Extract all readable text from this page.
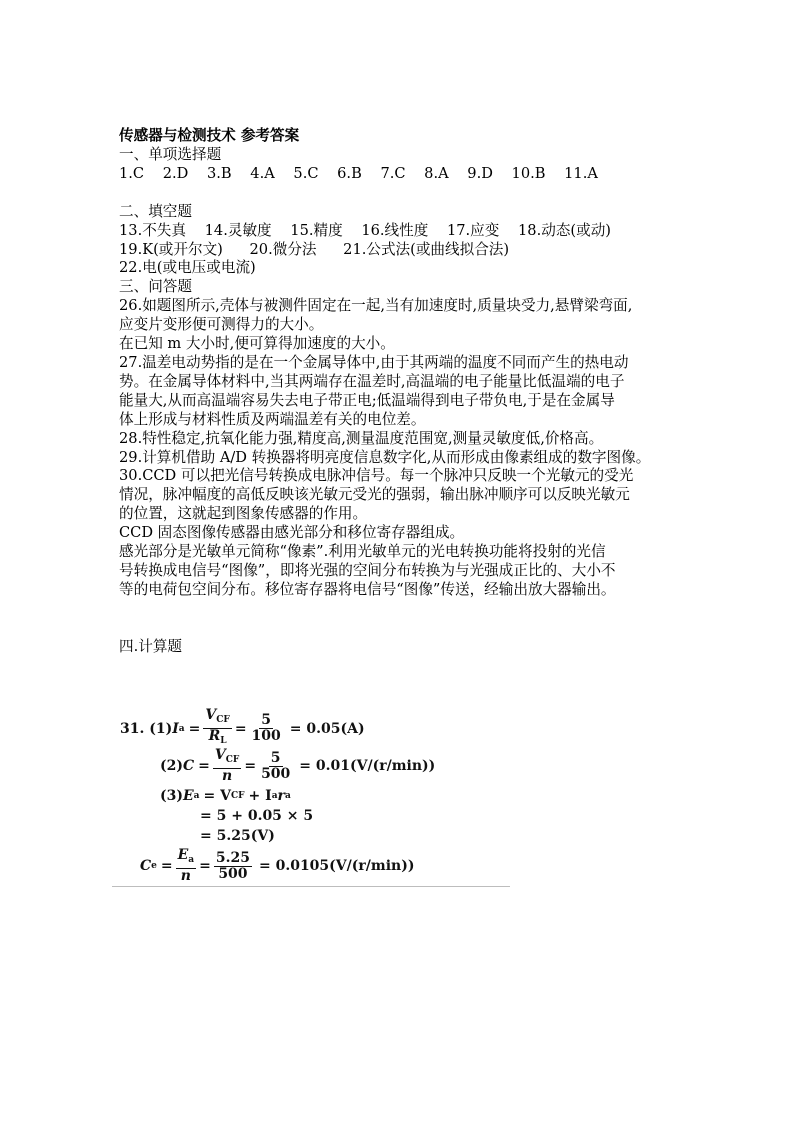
传感器与检测技术 参考答案
一、单项选择题
1.C 2.D 3.B 4.A 5.C 6.B 7.C 8.A 9.D 10.B 11.A
二、填空题
13.不失真 14.灵敏度 15.精度 16.线性度 17.应变 18.动态(或动)
19.K(或开尔文) 20.微分法 21.公式法(或曲线拟合法)
22.电(或电压或电流)
三、问答题
26.如题图所示,壳体与被测件固定在一起,当有加速度时,质量块受力,悬臂梁弯面,
应变片变形便可测得力的大小。
在已知 m 大小时,便可算得加速度的大小。
27.温差电动势指的是在一个金属导体中,由于其两端的温度不同而产生的热电动
势。在金属导体材料中,当其两端存在温差时,高温端的电子能量比低温端的电子
能量大,从而高温端容易失去电子带正电;低温端得到电子带负电,于是在金属导
体上形成与材料性质及两端温差有关的电位差。
28.特性稳定,抗氧化能力强,精度高,测量温度范围宽,测量灵敏度低,价格高。
29.计算机借助 A/D 转换器将明亮度信息数字化,从而形成由像素组成的数字图像。
30.CCD 可以把光信号转换成电脉冲信号。每一个脉冲只反映一个光敏元的受光
情况，脉冲幅度的高低反映该光敏元受光的强弱，输出脉冲顺序可以反映光敏元
的位置，这就起到图象传感器的作用。
CCD 固态图像传感器由感光部分和移位寄存器组成。
感光部分是光敏单元简称“像素”.利用光敏单元的光电转换功能将投射的光信
号转换成电信号“图像”，即将光强的空间分布转换为与光强成正比的、大小不
等的电荷包空间分布。移位寄存器将电信号“图像”传送，经输出放大器输出。
四.计算题
31. (1) I $a = \frac{V_{CF}}{R_L} = \frac{5}{100} = 0.05(A)$
(2) $C = \frac{V_{CF}}{n} = \frac{5}{500} = 0.01(V/(r/\min))$
(3) E a = V CF + I a r a
= 5 + 0.05 × 5
= 5.25(V)
C $e = \frac{E_a}{n} = \frac{5.25}{500} = 0.0105(V/(r/\min))$
